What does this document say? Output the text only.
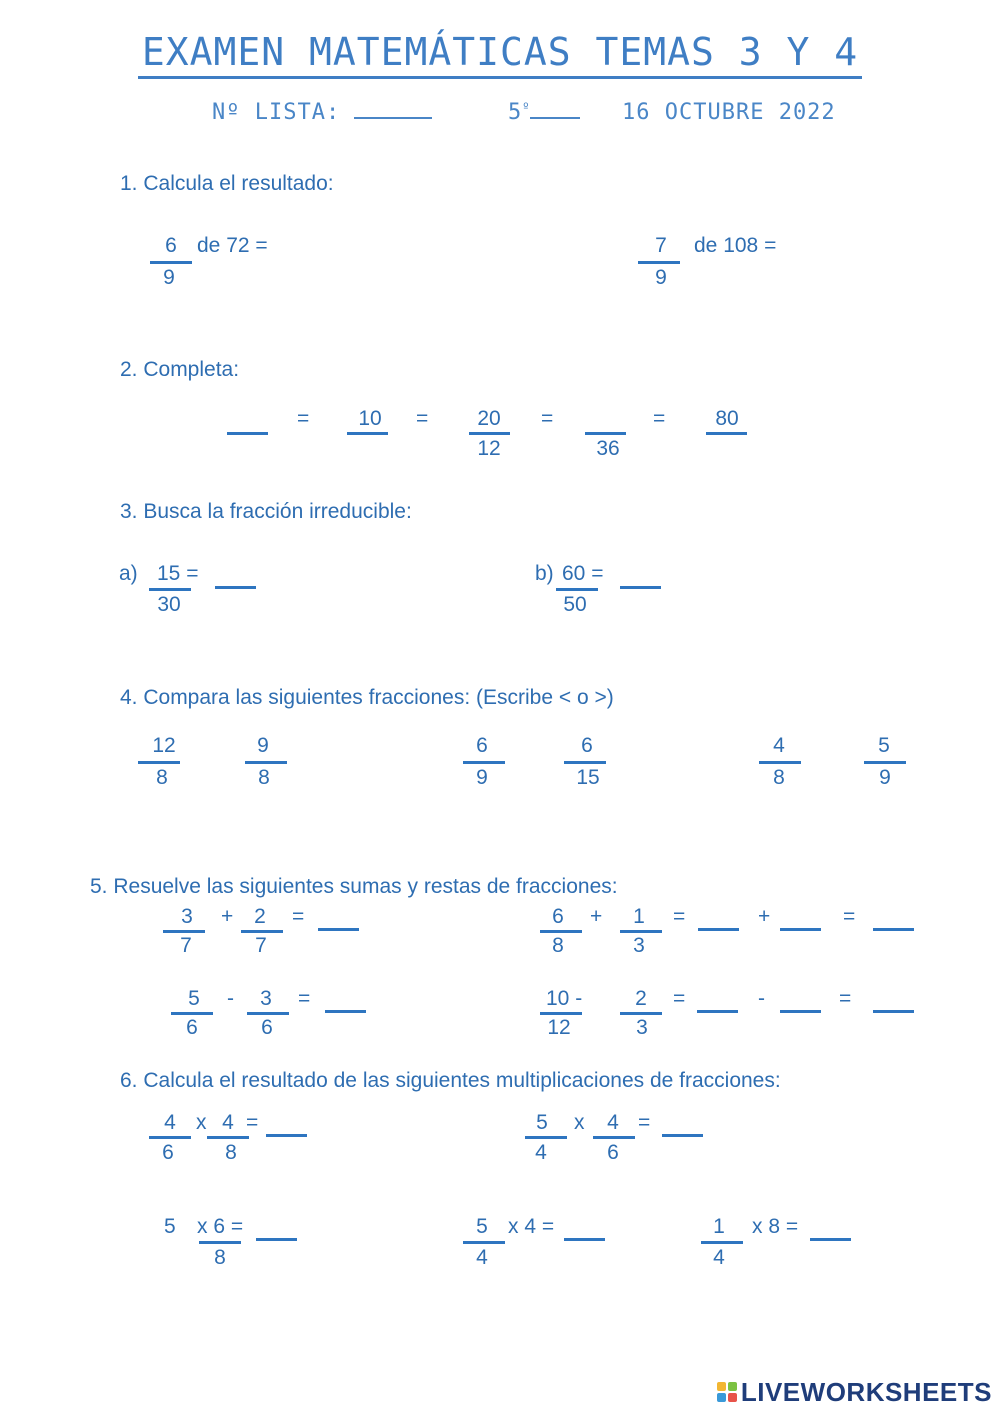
EXAMEN MATEMÁTICAS TEMAS 3 Y 4
Nº LISTA:	$5^º$	16 OCTUBRE 2022
1. Calcula el resultado:
6
9
de 72 =	7
9
de 108 =
2. Completa:
=	10	=	20
12
=
36
=	80
3. Busca la fracción irreducible:
a) 15 =
30
b) 60 =
50
4. Compara las siguientes fracciones: (Escribe < o >)
12
8
9
8
6
9
6
15
4
8
5
9
5. Resuelve las siguientes sumas y restas de fracciones:
3
7
+ 2
7
=	6
8
+	1
3
=	+	=
5
6
-	3
6
=	10 -
12
2
3
=	-	=
6. Calcula el resultado de las siguientes multiplicaciones de fracciones:
4
6
x 4
8
=	5
4
x	4
6
=
5 x 6 =
8
5
4
x 4 =	1
4
x 8 =
LIVEWORKSHEETS
